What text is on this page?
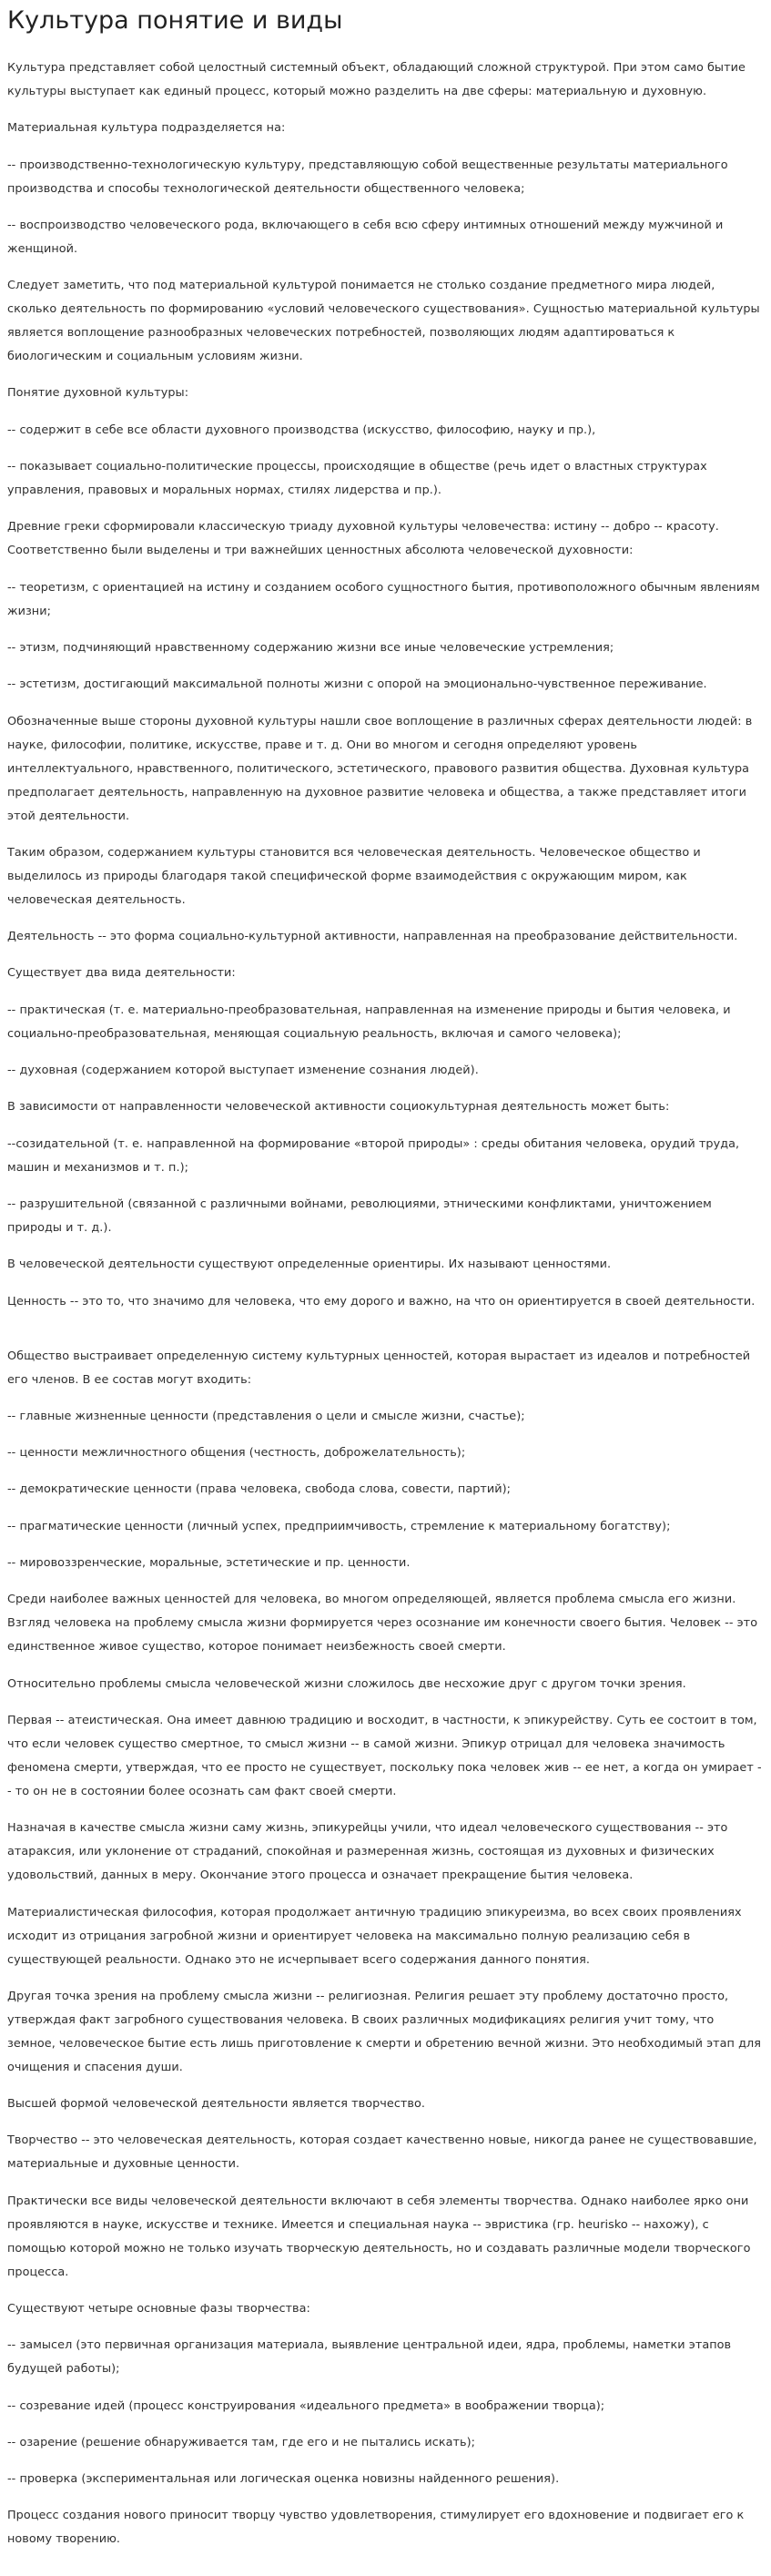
Культура понятие и виды

Культура представляет собой целостный системный объект, обладающий сложной структурой. При этом само бытие культуры выступает как единый процесс, который можно разделить на две сферы: материальную и духовную.

Материальная культура подразделяется на:

-- производственно-технологическую культуру, представляющую собой вещественные результаты материального производства и способы технологической деятельности общественного человека;

-- воспроизводство человеческого рода, включающего в себя всю сферу интимных отношений между мужчиной и женщиной.

Следует заметить, что под материальной культурой понимается не столько создание предметного мира людей, сколько деятельность по формированию «условий человеческого существования». Сущностью материальной культуры является воплощение разнообразных человеческих потребностей, позволяющих людям адаптироваться к биологическим и социальным условиям жизни.

Понятие духовной культуры:

-- содержит в себе все области духовного производства (искусство, философию, науку и пр.),

-- показывает социально-политические процессы, происходящие в обществе (речь идет о властных структурах управления, правовых и моральных нормах, стилях лидерства и пр.).

Древние греки сформировали классическую триаду духовной культуры человечества: истину -- добро -- красоту. Соответственно были выделены и три важнейших ценностных абсолюта человеческой духовности:

-- теоретизм, с ориентацией на истину и созданием особого сущностного бытия, противоположного обычным явлениям жизни;

-- этизм, подчиняющий нравственному содержанию жизни все иные человеческие устремления;

-- эстетизм, достигающий максимальной полноты жизни с опорой на эмоционально-чувственное переживание.

Обозначенные выше стороны духовной культуры нашли свое воплощение в различных сферах деятельности людей: в науке, философии, политике, искусстве, праве и т. д. Они во многом и сегодня определяют уровень интеллектуального, нравственного, политического, эстетического, правового развития общества. Духовная культура предполагает деятельность, направленную на духовное развитие человека и общества, а также представляет итоги этой деятельности.

Таким образом, содержанием культуры становится вся человеческая деятельность. Человеческое общество и выделилось из природы благодаря такой специфической форме взаимодействия с окружающим миром, как человеческая деятельность.

Деятельность -- это форма социально-культурной активности, направленная на преобразование действительности.

Существует два вида деятельности:

-- практическая (т. е. материально-преобразовательная, направленная на изменение природы и бытия человека, и социально-преобразовательная, меняющая социальную реальность, включая и самого человека);

-- духовная (содержанием которой выступает изменение сознания людей).

В зависимости от направленности человеческой активности социокультурная деятельность может быть:

--созидательной (т. е. направленной на формирование «второй природы» : среды обитания человека, орудий труда, машин и механизмов и т. п.);

-- разрушительной (связанной с различными войнами, революциями, этническими конфликтами, уничтожением природы и т. д.).

В человеческой деятельности существуют определенные ориентиры. Их называют ценностями.

Ценность -- это то, что значимо для человека, что ему дорого и важно, на что он ориентируется в своей деятельности.

Общество выстраивает определенную систему культурных ценностей, которая вырастает из идеалов и потребностей его членов. В ее состав могут входить:

-- главные жизненные ценности (представления о цели и смысле жизни, счастье);

-- ценности межличностного общения (честность, доброжелательность);

-- демократические ценности (права человека, свобода слова, совести, партий);

-- прагматические ценности (личный успех, предприимчивость, стремление к материальному богатству);

-- мировоззренческие, моральные, эстетические и пр. ценности.

Среди наиболее важных ценностей для человека, во многом определяющей, является проблема смысла его жизни. Взгляд человека на проблему смысла жизни формируется через осознание им конечности своего бытия. Человек -- это единственное живое существо, которое понимает неизбежность своей смерти.

Относительно проблемы смысла человеческой жизни сложилось две несхожие друг с другом точки зрения.

Первая -- атеистическая. Она имеет давнюю традицию и восходит, в частности, к эпикурейству. Суть ее состоит в том, что если человек существо смертное, то смысл жизни -- в самой жизни. Эпикур отрицал для человека значимость феномена смерти, утверждая, что ее просто не существует, поскольку пока человек жив -- ее нет, а когда он умирает -- то он не в состоянии более осознать сам факт своей смерти.

Назначая в качестве смысла жизни саму жизнь, эпикурейцы учили, что идеал человеческого существования -- это атараксия, или уклонение от страданий, спокойная и размеренная жизнь, состоящая из духовных и физических удовольствий, данных в меру. Окончание этого процесса и означает прекращение бытия человека.

Материалистическая философия, которая продолжает античную традицию эпикуреизма, во всех своих проявлениях исходит из отрицания загробной жизни и ориентирует человека на максимально полную реализацию себя в существующей реальности. Однако это не исчерпывает всего содержания данного понятия.

Другая точка зрения на проблему смысла жизни -- религиозная. Религия решает эту проблему достаточно просто, утверждая факт загробного существования человека. В своих различных модификациях религия учит тому, что земное, человеческое бытие есть лишь приготовление к смерти и обретению вечной жизни. Это необходимый этап для очищения и спасения души.

Высшей формой человеческой деятельности является творчество.

Творчество -- это человеческая деятельность, которая создает качественно новые, никогда ранее не существовавшие, материальные и духовные ценности.

Практически все виды человеческой деятельности включают в себя элементы творчества. Однако наиболее ярко они проявляются в науке, искусстве и технике. Имеется и специальная наука -- эвристика (гр. heurisko -- нахожу), с помощью которой можно не только изучать творческую деятельность, но и создавать различные модели творческого процесса.

Существуют четыре основные фазы творчества:

-- замысел (это первичная организация материала, выявление центральной идеи, ядра, проблемы, наметки этапов будущей работы);

-- созревание идей (процесс конструирования «идеального предмета» в воображении творца);

-- озарение (решение обнаруживается там, где его и не пытались искать);

-- проверка (экспериментальная или логическая оценка новизны найденного решения).

Процесс создания нового приносит творцу чувство удовлетворения, стимулирует его вдохновение и подвигает его к новому творению.
